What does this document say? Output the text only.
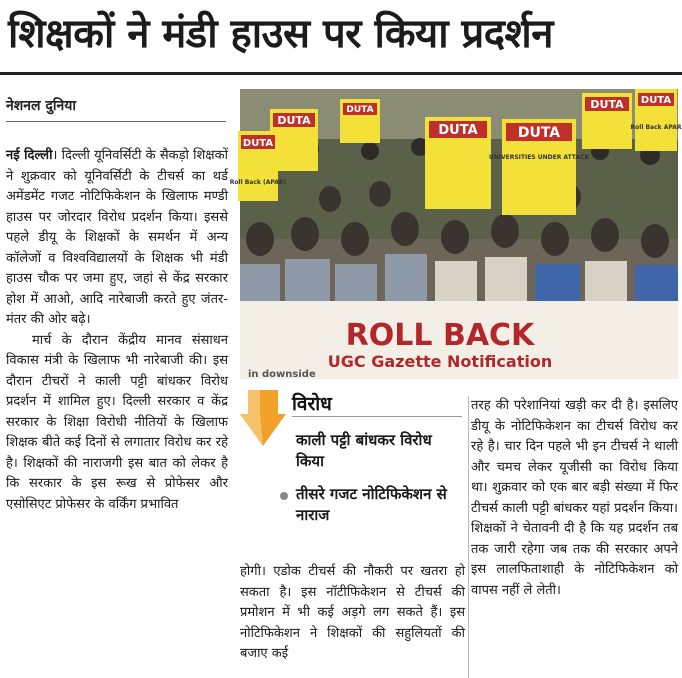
शिक्षकों ने मंडी हाउस पर किया प्रदर्शन
नेशनल दुनिया

नई दिल्ली। दिल्ली यूनिवर्सिटी के सैकड़ो शिक्षकों ने शुक्रवार को यूनिवर्सिटी के टीचर्स का थर्ड अमेंडमेंट गजट नोटिफिकेशन के खिलाफ मण्डी हाउस पर जोरदार विरोध प्रदर्शन किया। इससे पहले डीयू के शिक्षकों के समर्थन में अन्य कॉलेजों व विश्वविद्यालयों के शिक्षक भी मंडी हाउस चौक पर जमा हुए, जहां से केंद्र सरकार होश में आओ, आदि नारेबाजी करते हुए जंतर-मंतर की ओर बढ़े।

मार्च के दौरान केंद्रीय मानव संसाधन विकास मंत्री के खिलाफ भी नारेबाजी की। इस दौरान टीचरों ने काली पट्टी बांधकर विरोध प्रदर्शन में शामिल हुए। दिल्ली सरकार व केंद्र सरकार के शिक्षा विरोधी नीतियों के खिलाफ शिक्षक बीते कई दिनों से लगातार विरोध कर रहे है। शिक्षकों की नाराजगी इस बात को लेकर है कि सरकार के इस रूख से प्रोफेसर और एसोसिएट प्रोफेसर के वर्किंग प्रभावित

DUTA
DUTA
Roll Back (APAR)
DUTA	DUTA
UNIVERSITIES UNDER ATTACK
DUTA DUTA
Roll Back APAR
DUTA
ROLL BACK
UGC Gazette Notification
in downside
विरोध
काली पट्टी बांधकर विरोध किया
तीसरे गजट नोटिफिकेशन से नाराज
होगी। एडोक टीचर्स की नौकरी पर खतरा हो सकता है। इस नॉटीफिकेशन से टीचर्स की प्रमोशन में भी कई अड़गे लग सकते हैं। इस नोटिफिकेशन ने शिक्षकों की सहुलियतों की बजाए कई
तरह की परेशानियां खड़ी कर दी है। इसलिए डीयू के नोटिफिकेशन का टीचर्स विरोध कर रहे है। चार दिन पहले भी इन टीचर्स ने थाली और चमच लेकर यूजीसी का विरोध किया था। शुक्रवार को एक बार बड़ी संख्या में फिर टीचर्स काली पट्टी बांधकर यहां प्रदर्शन किया। शिक्षकों ने चेतावनी दी है कि यह प्रदर्शन तब तक जारी रहेगा जब तक की सरकार अपने इस लालफिताशाही के नोटिफिकेशन को वापस नहीं ले लेती।
